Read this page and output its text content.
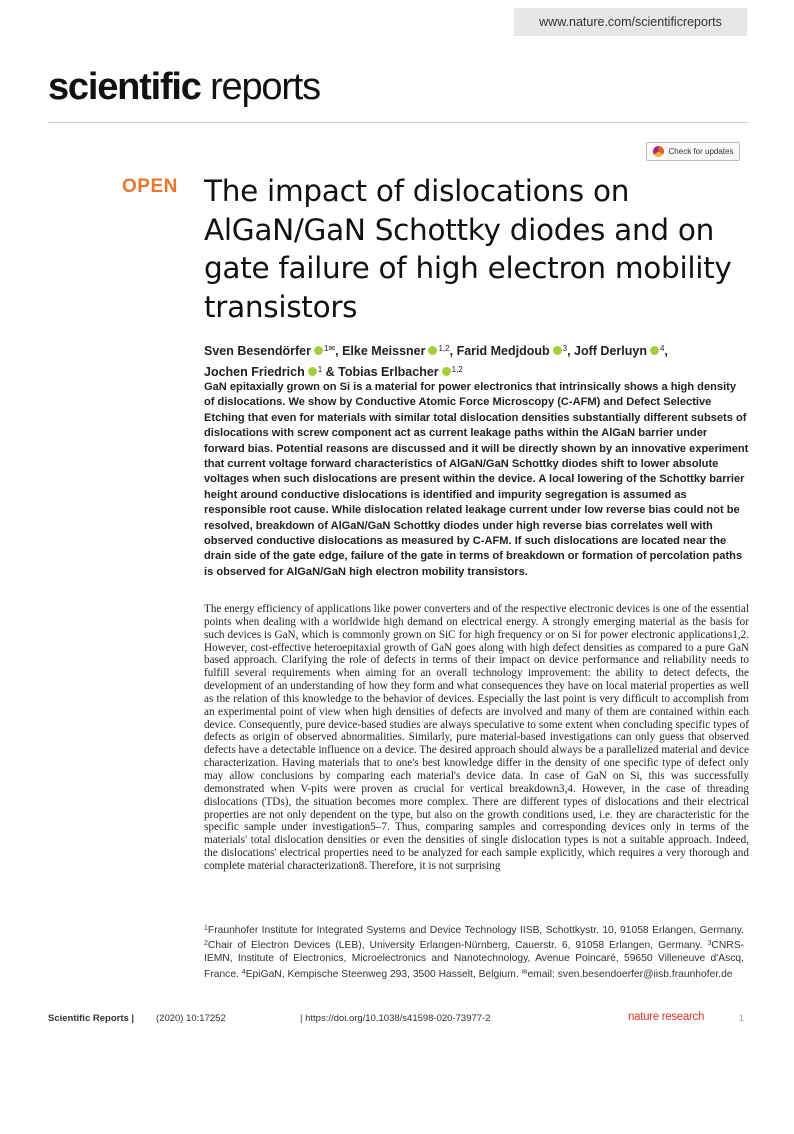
www.nature.com/scientificreports
scientific reports
Check for updates
OPEN The impact of dislocations on AlGaN/GaN Schottky diodes and on gate failure of high electron mobility transistors
Sven Besendörfer $^{1✉}$, Elke Meissner $^{1,2}$, Farid Medjdoub $^3$, Joff Derluyn $^4$,
Jochen Friedrich $^1$ & Tobias Erlbacher $^{1,2}$
GaN epitaxially grown on Si is a material for power electronics that intrinsically shows a high density of dislocations. We show by Conductive Atomic Force Microscopy (C-AFM) and Defect Selective Etching that even for materials with similar total dislocation densities substantially different subsets of dislocations with screw component act as current leakage paths within the AlGaN barrier under forward bias. Potential reasons are discussed and it will be directly shown by an innovative experiment that current voltage forward characteristics of AlGaN/GaN Schottky diodes shift to lower absolute voltages when such dislocations are present within the device. A local lowering of the Schottky barrier height around conductive dislocations is identified and impurity segregation is assumed as responsible root cause. While dislocation related leakage current under low reverse bias could not be resolved, breakdown of AlGaN/GaN Schottky diodes under high reverse bias correlates well with observed conductive dislocations as measured by C-AFM. If such dislocations are located near the drain side of the gate edge, failure of the gate in terms of breakdown or formation of percolation paths is observed for AlGaN/GaN high electron mobility transistors.
The energy efficiency of applications like power converters and of the respective electronic devices is one of the essential points when dealing with a worldwide high demand on electrical energy. A strongly emerging material as the basis for such devices is GaN, which is commonly grown on SiC for high frequency or on Si for power electronic applications1,2. However, cost-effective heteroepitaxial growth of GaN goes along with high defect densities as compared to a pure GaN based approach. Clarifying the role of defects in terms of their impact on device performance and reliability needs to fulfill several requirements when aiming for an overall technology improvement: the ability to detect defects, the development of an understanding of how they form and what consequences they have on local material properties as well as the relation of this knowledge to the behavior of devices. Especially the last point is very difficult to accomplish from an experimental point of view when high densities of defects are involved and many of them are contained within each device. Consequently, pure device-based studies are always speculative to some extent when concluding specific types of defects as origin of observed abnormalities. Similarly, pure material-based investigations can only guess that observed defects have a detectable influence on a device. The desired approach should always be a parallelized material and device characterization. Having materials that to one's best knowledge differ in the density of one specific type of defect only may allow conclusions by comparing each material's device data. In case of GaN on Si, this was successfully demonstrated when V-pits were proven as crucial for vertical breakdown3,4. However, in the case of threading dislocations (TDs), the situation becomes more complex. There are different types of dislocations and their electrical properties are not only dependent on the type, but also on the growth conditions used, i.e. they are characteristic for the specific sample under investigation5–7. Thus, comparing samples and corresponding devices only in terms of the materials' total dislocation densities or even the densities of single dislocation types is not a suitable approach. Indeed, the dislocations' electrical properties need to be analyzed for each sample explicitly, which requires a very thorough and complete material characterization8. Therefore, it is not surprising
$^1$Fraunhofer Institute for Integrated Systems and Device Technology IISB, Schottkystr. 10, 91058 Erlangen, Germany. $^2$Chair of Electron Devices (LEB), University Erlangen-Nürnberg, Cauerstr. 6, 91058 Erlangen, Germany. $^3$CNRS-IEMN, Institute of Electronics, Microelectronics and Nanotechnology, Avenue Poincaré, 59650 Villeneuve d'Ascq, France. $^4$EpiGaN, Kempische Steenweg 293, 3500 Hasselt, Belgium. ✉email: sven.besendoerfer@iisb.fraunhofer.de
Scientific Reports | (2020) 10:17252	| https://doi.org/10.1038/s41598-020-73977-2	nature research	1
